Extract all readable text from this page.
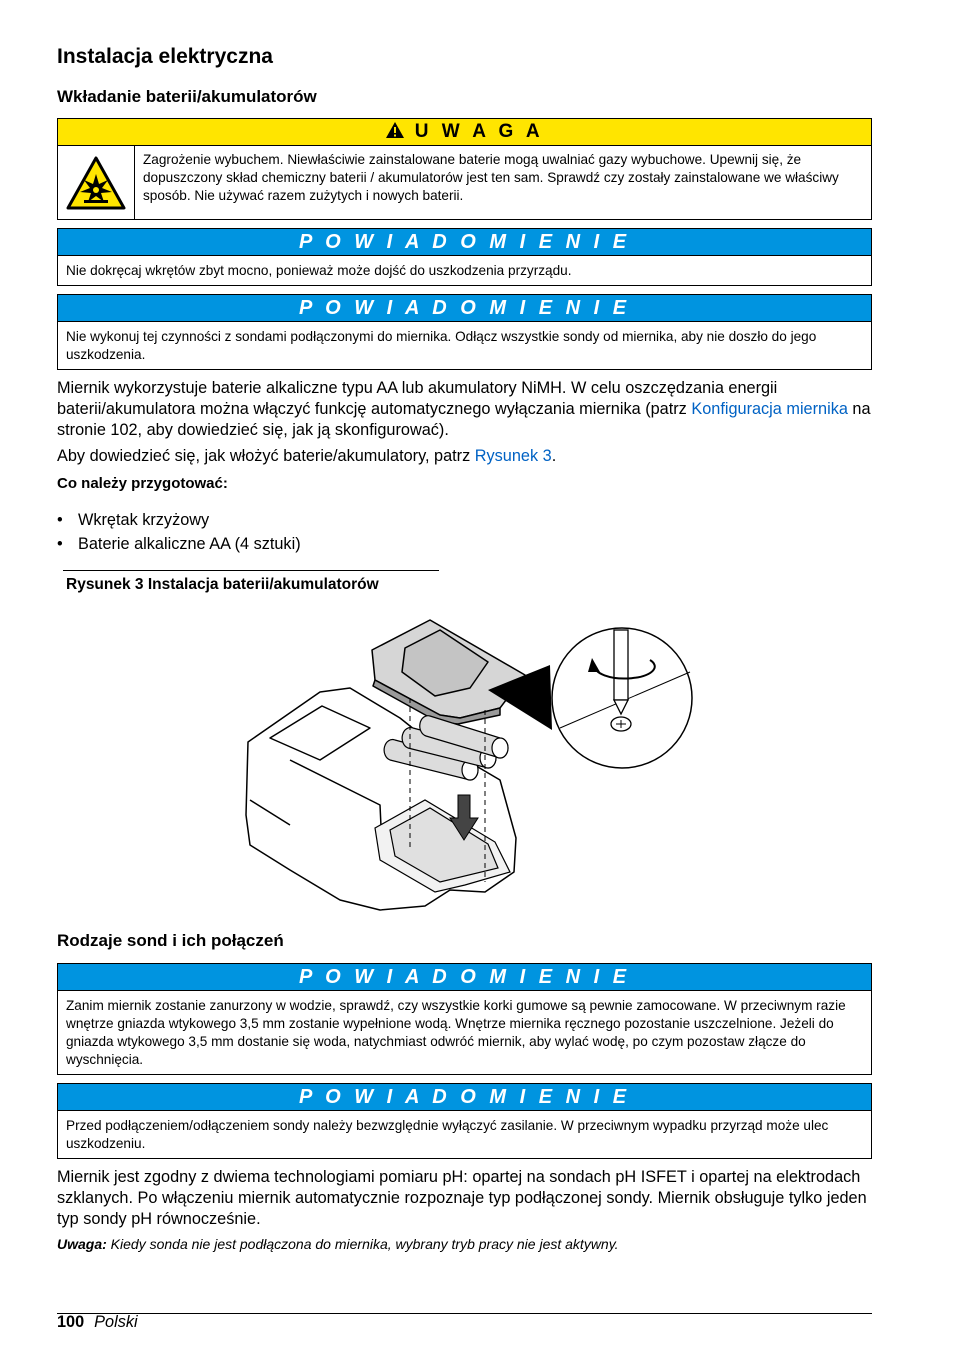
Instalacja elektryczna
Wkładanie baterii/akumulatorów
U W A G A
Zagrożenie wybuchem. Niewłaściwie zainstalowane baterie mogą uwalniać gazy wybuchowe. Upewnij się, że dopuszczony skład chemiczny baterii / akumulatorów jest ten sam. Sprawdź czy zostały zainstalowane we właściwy sposób. Nie używać razem zużytych i nowych baterii.
P O W I A D O M I E N I E
Nie dokręcaj wkrętów zbyt mocno, ponieważ może dojść do uszkodzenia przyrządu.
P O W I A D O M I E N I E
Nie wykonuj tej czynności z sondami podłączonymi do miernika. Odłącz wszystkie sondy od miernika, aby nie doszło do jego uszkodzenia.

Miernik wykorzystuje baterie alkaliczne typu AA lub akumulatory NiMH. W celu oszczędzania energii baterii/akumulatora można włączyć funkcję automatycznego wyłączania miernika (patrz Konfiguracja miernika na stronie 102, aby dowiedzieć się, jak ją skonfigurować).

Aby dowiedzieć się, jak włożyć baterie/akumulatory, patrz Rysunek 3.

Co należy przygotować:
• Wkrętak krzyżowy
• Baterie alkaliczne AA (4 sztuki)
Rysunek 3 Instalacja baterii/akumulatorów
Rodzaje sond i ich połączeń
P O W I A D O M I E N I E
Zanim miernik zostanie zanurzony w wodzie, sprawdź, czy wszystkie korki gumowe są pewnie zamocowane. W przeciwnym razie wnętrze gniazda wtykowego 3,5 mm zostanie wypełnione wodą. Wnętrze miernika ręcznego pozostanie uszczelnione. Jeżeli do gniazda wtykowego 3,5 mm dostanie się woda, natychmiast odwróć miernik, aby wylać wodę, po czym pozostaw złącze do wyschnięcia.
P O W I A D O M I E N I E
Przed podłączeniem/odłączeniem sondy należy bezwzględnie wyłączyć zasilanie. W przeciwnym wypadku przyrząd może ulec uszkodzeniu.

Miernik jest zgodny z dwiema technologiami pomiaru pH: opartej na sondach pH ISFET i opartej na elektrodach szklanych. Po włączeniu miernik automatycznie rozpoznaje typ podłączonej sondy. Miernik obsługuje tylko jeden typ sondy pH równocześnie.

Uwaga: Kiedy sonda nie jest podłączona do miernika, wybrany tryb pracy nie jest aktywny.
100 Polski
